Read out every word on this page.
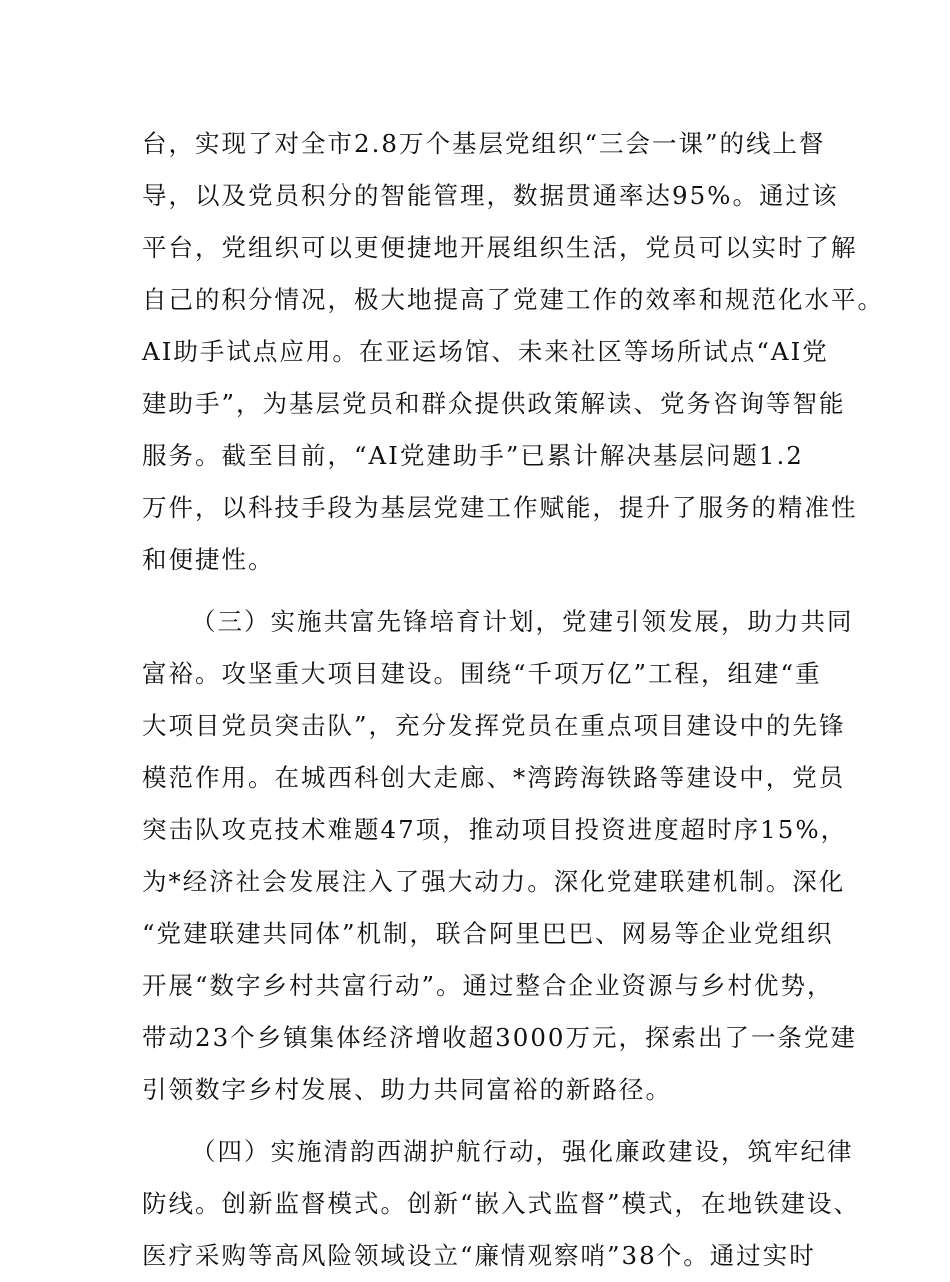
台，实现了对全市2.8万个基层党组织“三会一课”的线上督
导，以及党员积分的智能管理，数据贯通率达95%。通过该
平台，党组织可以更便捷地开展组织生活，党员可以实时了解
自己的积分情况，极大地提高了党建工作的效率和规范化水平。
AI助手试点应用。在亚运场馆、未来社区等场所试点“AI党
建助手”，为基层党员和群众提供政策解读、党务咨询等智能
服务。截至目前，“AI党建助手”已累计解决基层问题1.2
万件，以科技手段为基层党建工作赋能，提升了服务的精准性
和便捷性。
（三）实施共富先锋培育计划，党建引领发展，助力共同
富裕。攻坚重大项目建设。围绕“千项万亿”工程，组建“重
大项目党员突击队”，充分发挥党员在重点项目建设中的先锋
模范作用。在城西科创大走廊、*湾跨海铁路等建设中，党员
突击队攻克技术难题47项，推动项目投资进度超时序15%，
为*经济社会发展注入了强大动力。深化党建联建机制。深化
“党建联建共同体”机制，联合阿里巴巴、网易等企业党组织
开展“数字乡村共富行动”。通过整合企业资源与乡村优势，
带动23个乡镇集体经济增收超3000万元，探索出了一条党建
引领数字乡村发展、助力共同富裕的新路径。
（四）实施清韵西湖护航行动，强化廉政建设，筑牢纪律
防线。创新监督模式。创新“嵌入式监督”模式，在地铁建设、
医疗采购等高风险领域设立“廉情观察哨”38个。通过实时
